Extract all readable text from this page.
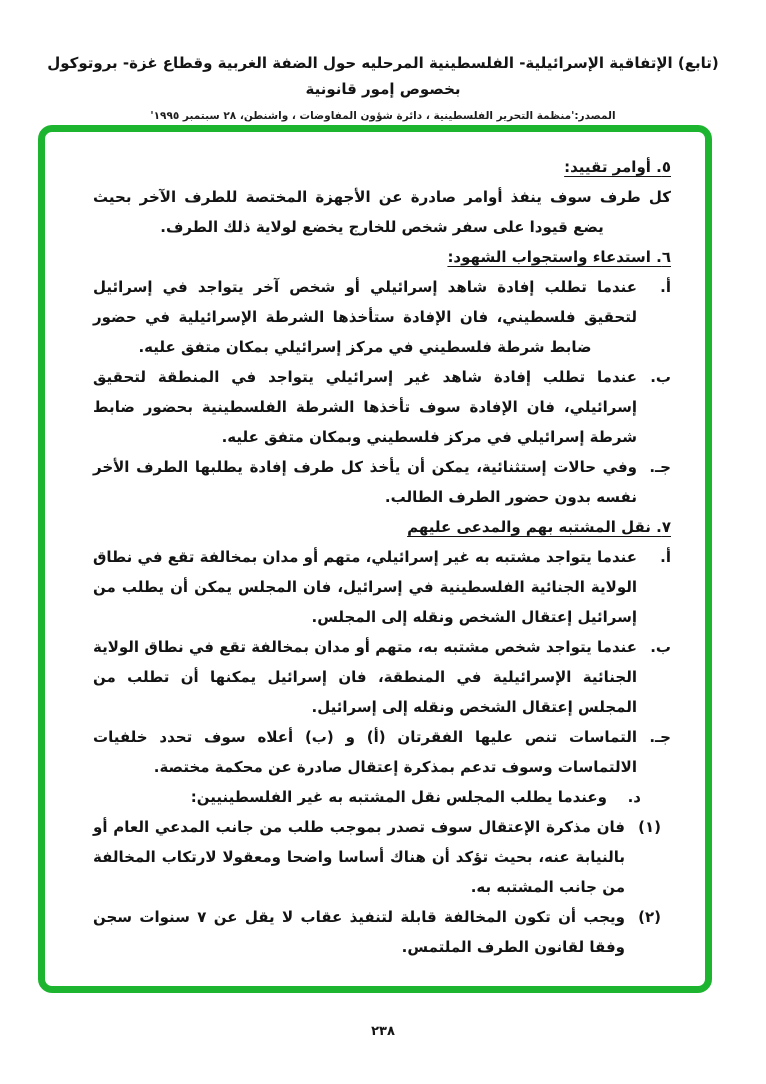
(تابع) الإتفاقية الإسرائيلية- الفلسطينية المرحليه حول الضفة الغربية وقطاع غزة- بروتوكول بخصوص إمور قانونية
المصدر:'منظمة التحرير الفلسطينية ، دائرة شؤون المفاوضات ، واشنطن، ٢٨ سبتمبر ١٩٩٥'
٥. أوامر تقييد:

كل طرف سوف ينفذ أوامر صادرة عن الأجهزة المختصة للطرف الآخر بحيث يضع قيودا على سفر شخص للخارج يخضع لولاية ذلك الطرف.

٦. استدعاء واستجواب الشهود:
أ.
عندما تطلب إفادة شاهد إسرائيلي أو شخص آخر يتواجد في إسرائيل لتحقيق فلسطيني، فان الإفادة ستأخذها الشرطة الإسرائيلية في حضور ضابط شرطة فلسطيني في مركز إسرائيلي بمكان متفق عليه.
ب.
عندما تطلب إفادة شاهد غير إسرائيلي يتواجد في المنطقة لتحقيق إسرائيلي، فان الإفادة سوف تأخذها الشرطة الفلسطينية بحضور ضابط شرطة إسرائيلي في مركز فلسطيني وبمكان متفق عليه.
جـ.
وفي حالات إستثنائية، يمكن أن يأخذ كل طرف إفادة يطلبها الطرف الأخر نفسه بدون حضور الطرف الطالب.
٧. نقل المشتبه بهم والمدعى عليهم
أ.
عندما يتواجد مشتبه به غير إسرائيلي، متهم أو مدان بمخالفة تقع في نطاق الولاية الجنائية الفلسطينية في إسرائيل، فان المجلس يمكن أن يطلب من إسرائيل إعتقال الشخص ونقله إلى المجلس.
ب.
عندما يتواجد شخص مشتبه به، متهم أو مدان بمخالفة تقع في نطاق الولاية الجنائية الإسرائيلية في المنطقة، فان إسرائيل يمكنها أن تطلب من المجلس إعتقال الشخص ونقله إلى إسرائيل.
جـ.
التماسات تنص عليها الفقرتان (أ) و (ب) أعلاه سوف تحدد خلفيات الالتماسات وسوف تدعم بمذكرة إعتقال صادرة عن محكمة مختصة.
د.
وعندما يطلب المجلس نقل المشتبه به غير الفلسطينيين:
(١)
فان مذكرة الإعتقال سوف تصدر بموجب طلب من جانب المدعي العام أو بالنيابة عنه، بحيث تؤكد أن هناك أساسا واضحا ومعقولا لارتكاب المخالفة من جانب المشتبه به.
(٢)
ويجب أن تكون المخالفة قابلة لتنفيذ عقاب لا يقل عن ٧ سنوات سجن وفقا لقانون الطرف الملتمس.
٢٣٨
